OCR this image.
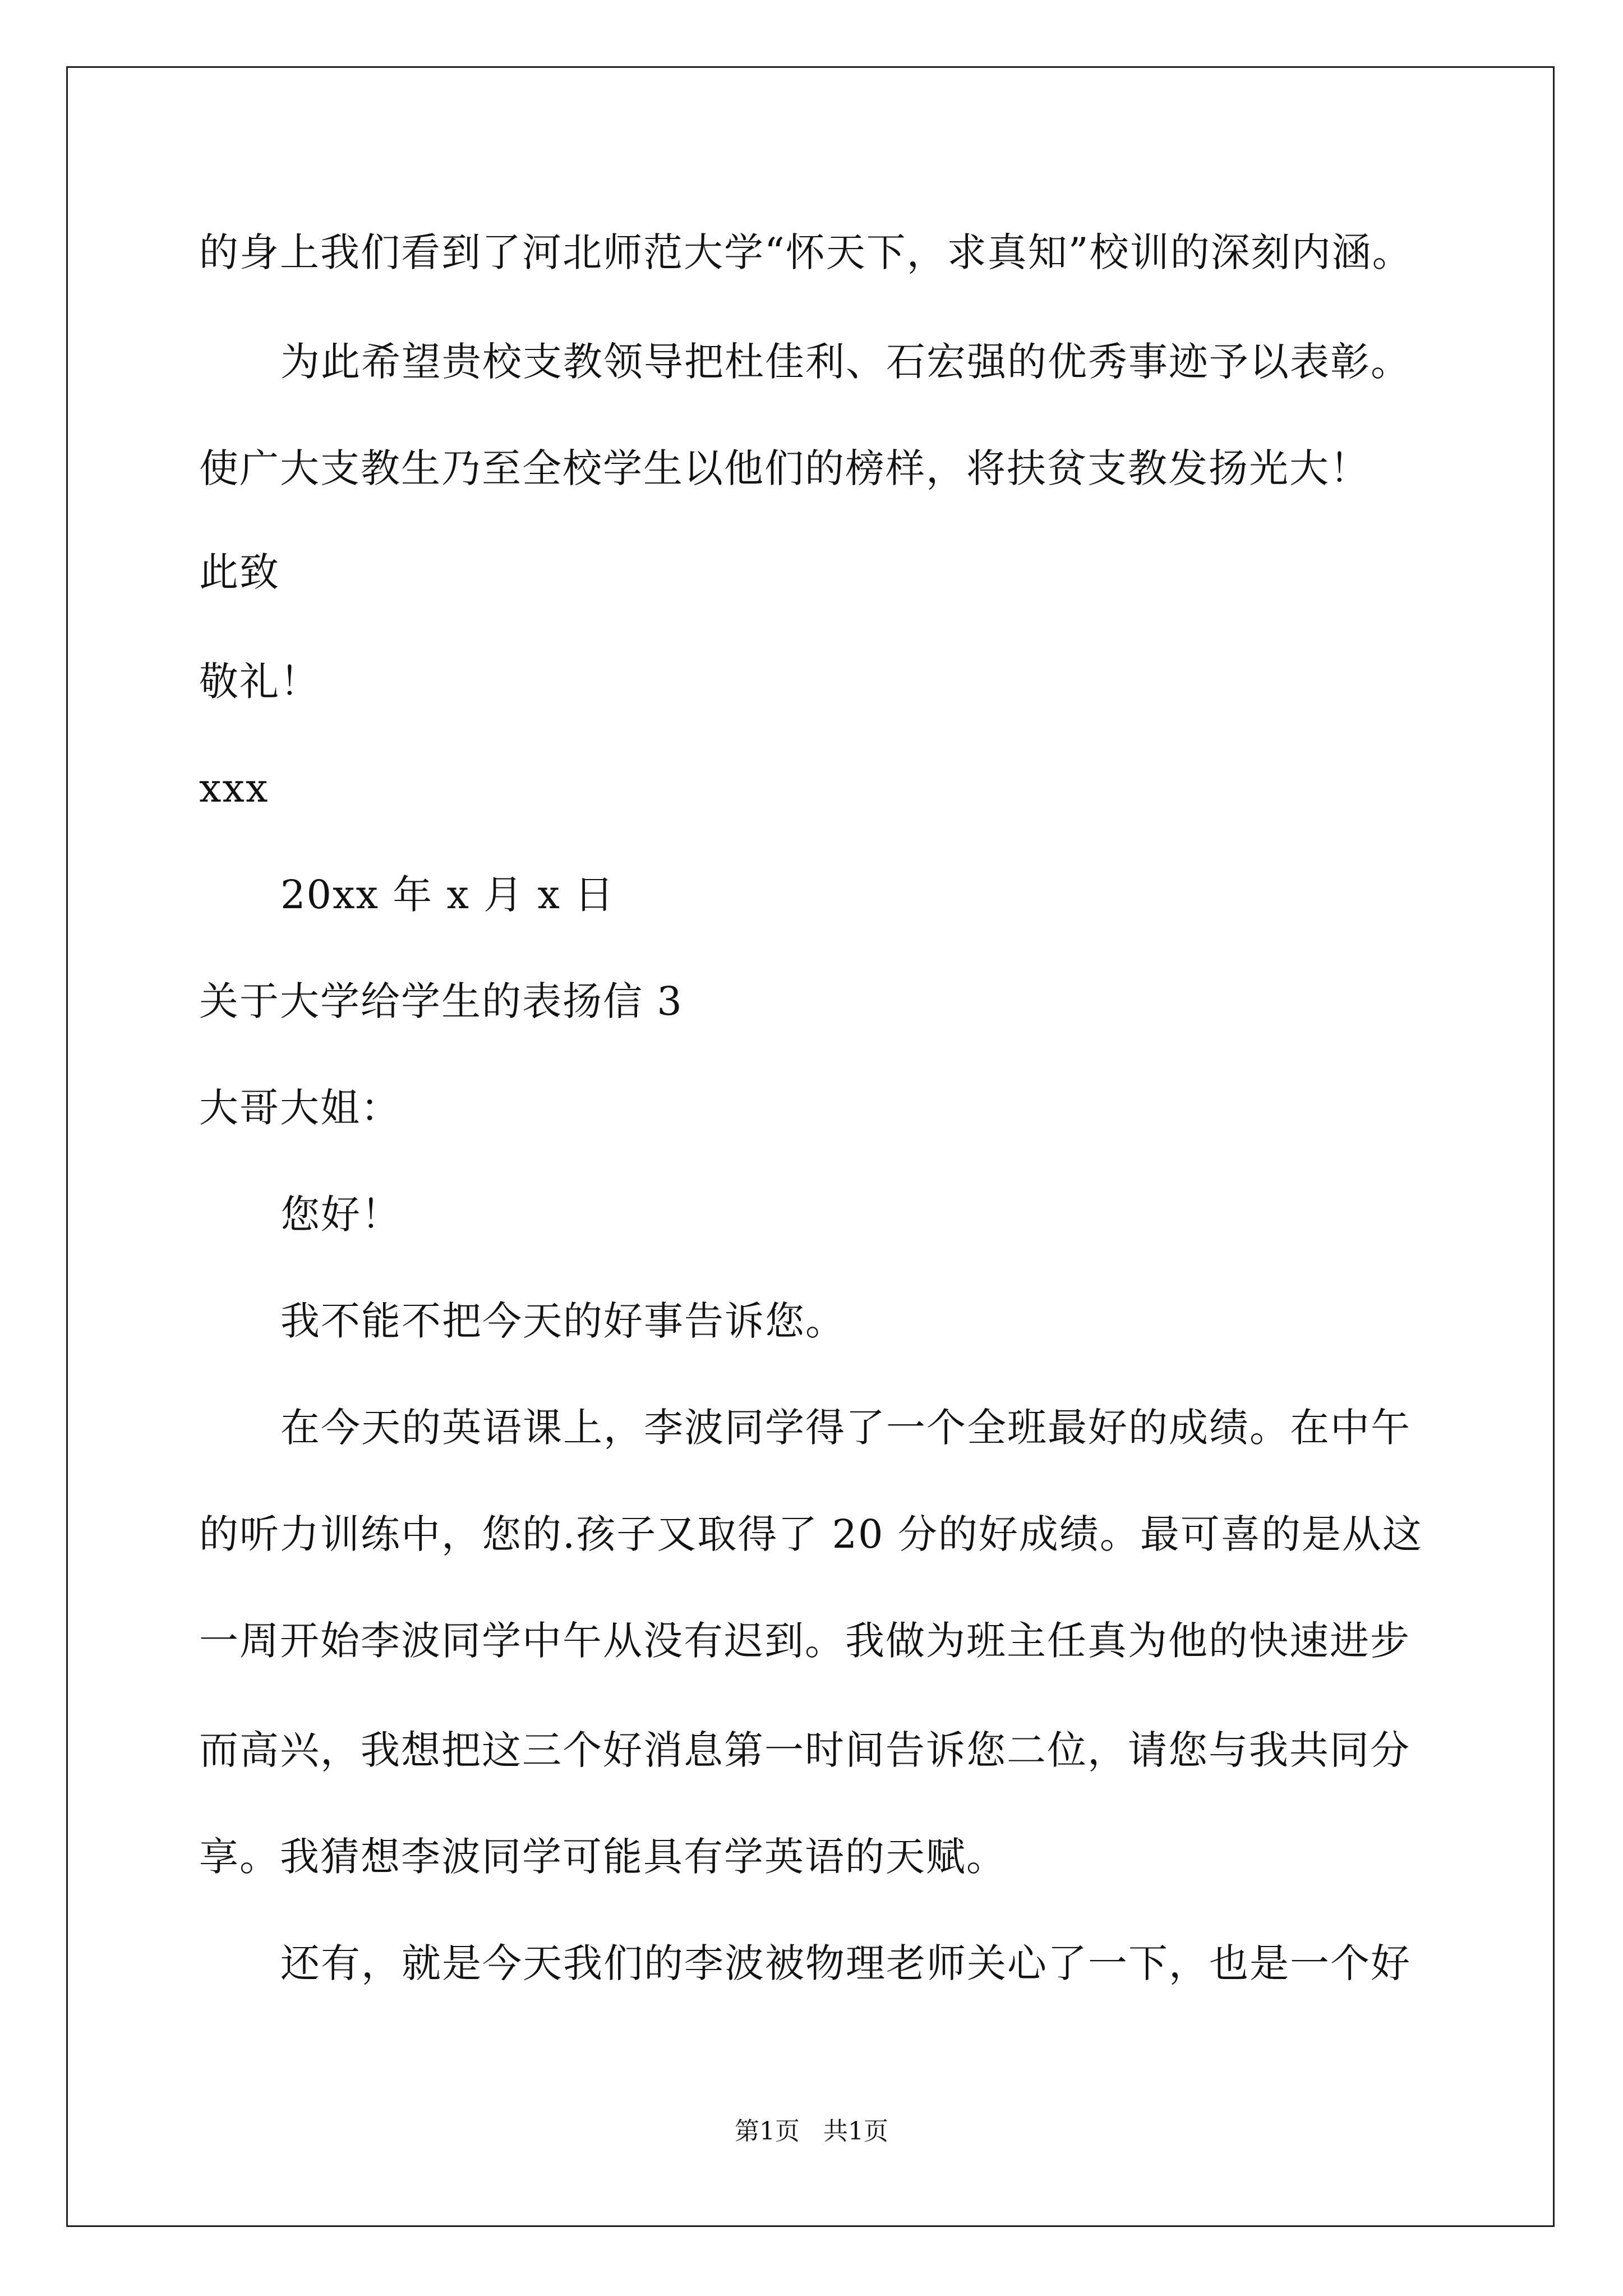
的身上我们看到了河北师范大学“怀天下，求真知”校训的深刻内涵。
为此希望贵校支教领导把杜佳利、石宏强的优秀事迹予以表彰。
使广大支教生乃至全校学生以他们的榜样，将扶贫支教发扬光大！
此致
敬礼！
xxx
20xx 年 x 月 x 日
关于大学给学生的表扬信 3
大哥大姐：
您好！
我不能不把今天的好事告诉您。
在今天的英语课上，李波同学得了一个全班最好的成绩。在中午
的听力训练中，您的.孩子又取得了 20 分的好成绩。最可喜的是从这
一周开始李波同学中午从没有迟到。我做为班主任真为他的快速进步
而高兴，我想把这三个好消息第一时间告诉您二位，请您与我共同分
享。我猜想李波同学可能具有学英语的天赋。
还有，就是今天我们的李波被物理老师关心了一下，也是一个好
第1页   共1页
